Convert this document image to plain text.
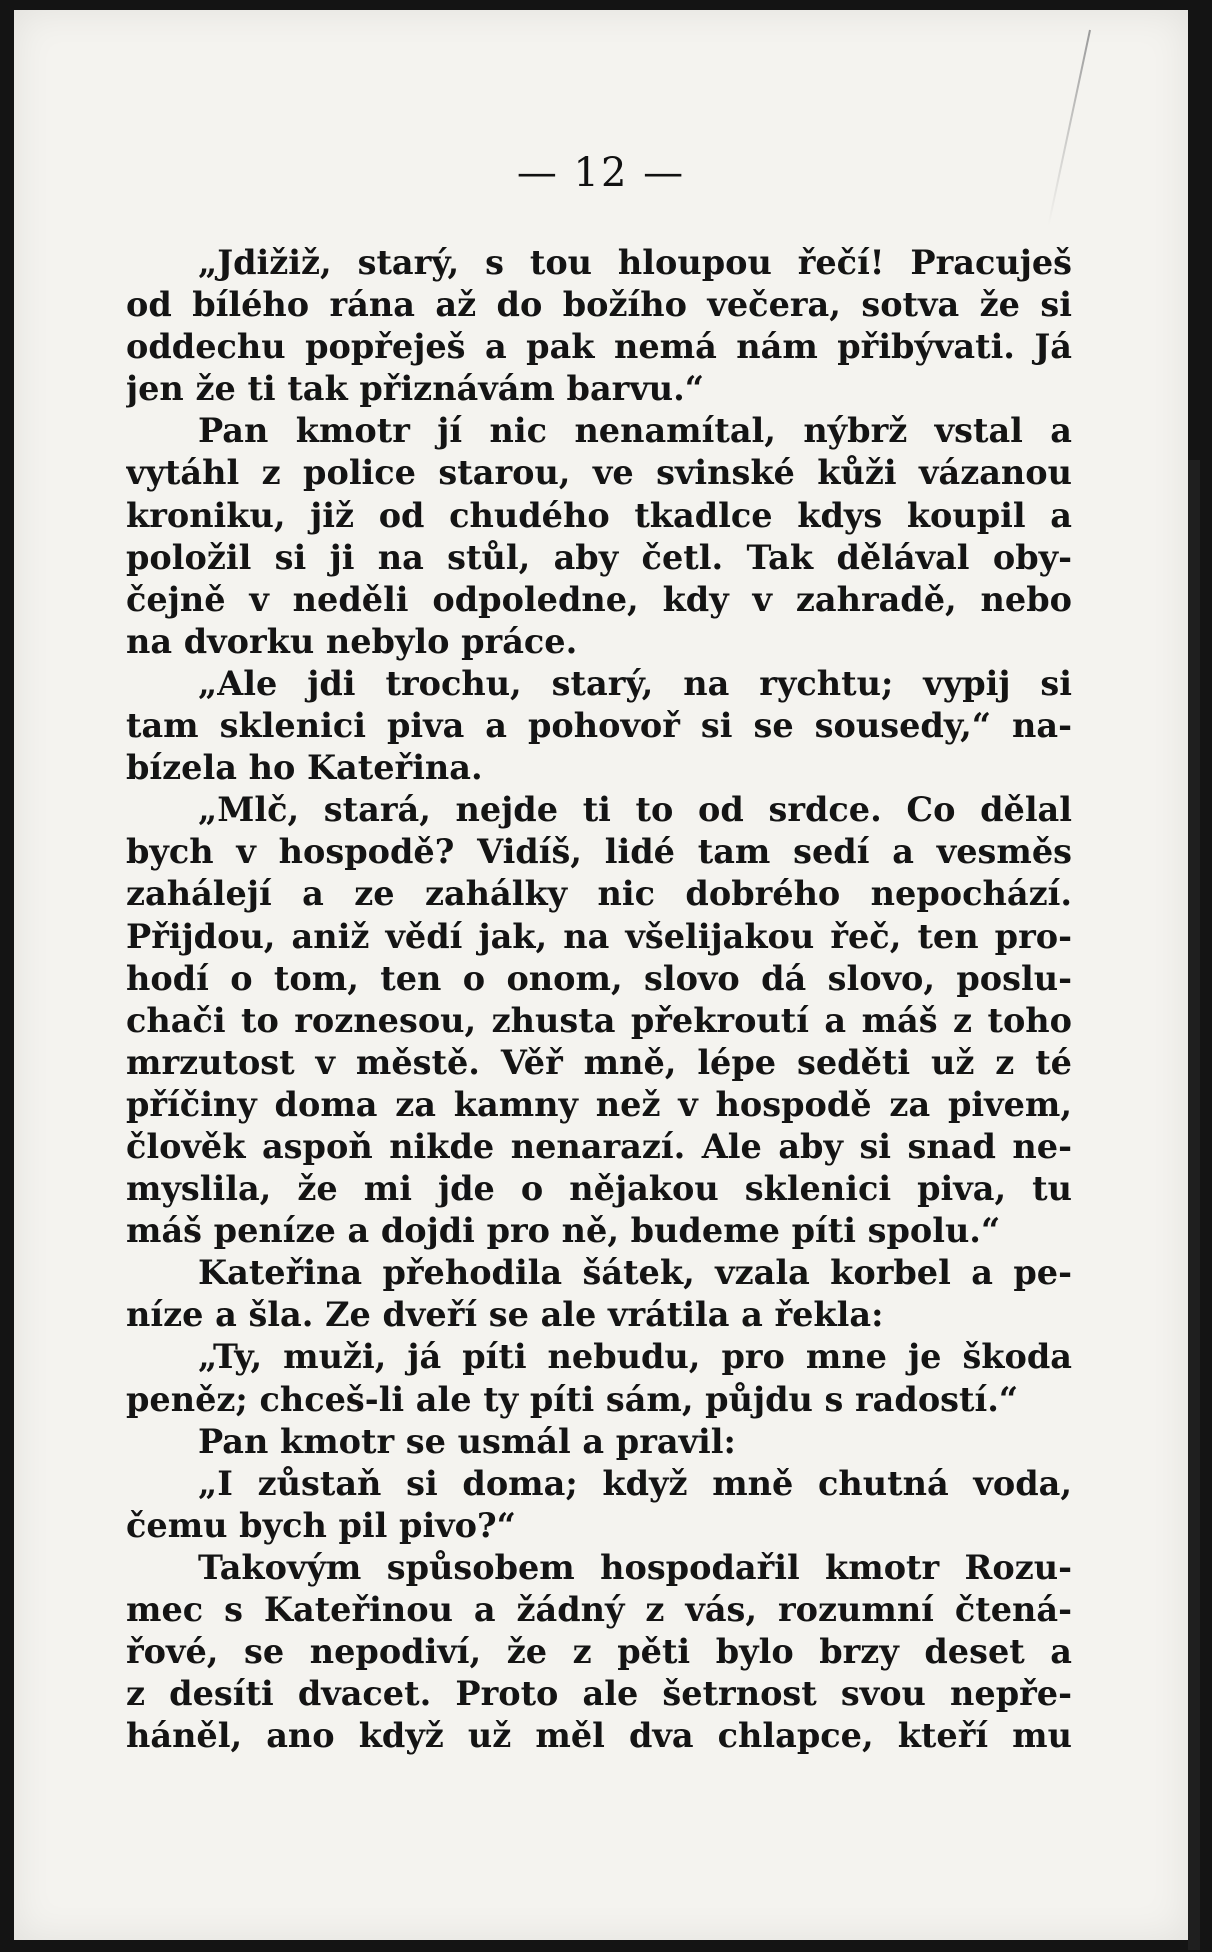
— 12 —
„Jdižiž, starý, s tou hloupou řečí! Pracuješ
od bílého rána až do božího večera, sotva že si
oddechu popřeješ a pak nemá nám přibývati. Já
jen že ti tak přiznávám barvu.“
Pan kmotr jí nic nenamítal, nýbrž vstal a
vytáhl z police starou, ve svinské kůži vázanou
kroniku, již od chudého tkadlce kdys koupil a
položil si ji na stůl, aby četl. Tak dělával oby-
čejně v neděli odpoledne, kdy v zahradě, nebo
na dvorku nebylo práce.
„Ale jdi trochu, starý, na rychtu; vypij si
tam sklenici piva a pohovoř si se sousedy,“ na-
bízela ho Kateřina.
„Mlč, stará, nejde ti to od srdce. Co dělal
bych v hospodě? Vidíš, lidé tam sedí a vesměs
zahálejí a ze zahálky nic dobrého nepochází.
Přijdou, aniž vědí jak, na všelijakou řeč, ten pro-
hodí o tom, ten o onom, slovo dá slovo, poslu-
chači to roznesou, zhusta překroutí a máš z toho
mrzutost v městě. Věř mně, lépe seděti už z té
příčiny doma za kamny než v hospodě za pivem,
člověk aspoň nikde nenarazí. Ale aby si snad ne-
myslila, že mi jde o nějakou sklenici piva, tu
máš peníze a dojdi pro ně, budeme píti spolu.“
Kateřina přehodila šátek, vzala korbel a pe-
níze a šla. Ze dveří se ale vrátila a řekla:
„Ty, muži, já píti nebudu, pro mne je škoda
peněz; chceš-li ale ty píti sám, půjdu s radostí.“
Pan kmotr se usmál a pravil:
„I zůstaň si doma; když mně chutná voda,
čemu bych pil pivo?“
Takovým spůsobem hospodařil kmotr Rozu-
mec s Kateřinou a žádný z vás, rozumní čtená-
řové, se nepodiví, že z pěti bylo brzy deset a
z desíti dvacet. Proto ale šetrnost svou nepře-
háněl, ano když už měl dva chlapce, kteří mu
